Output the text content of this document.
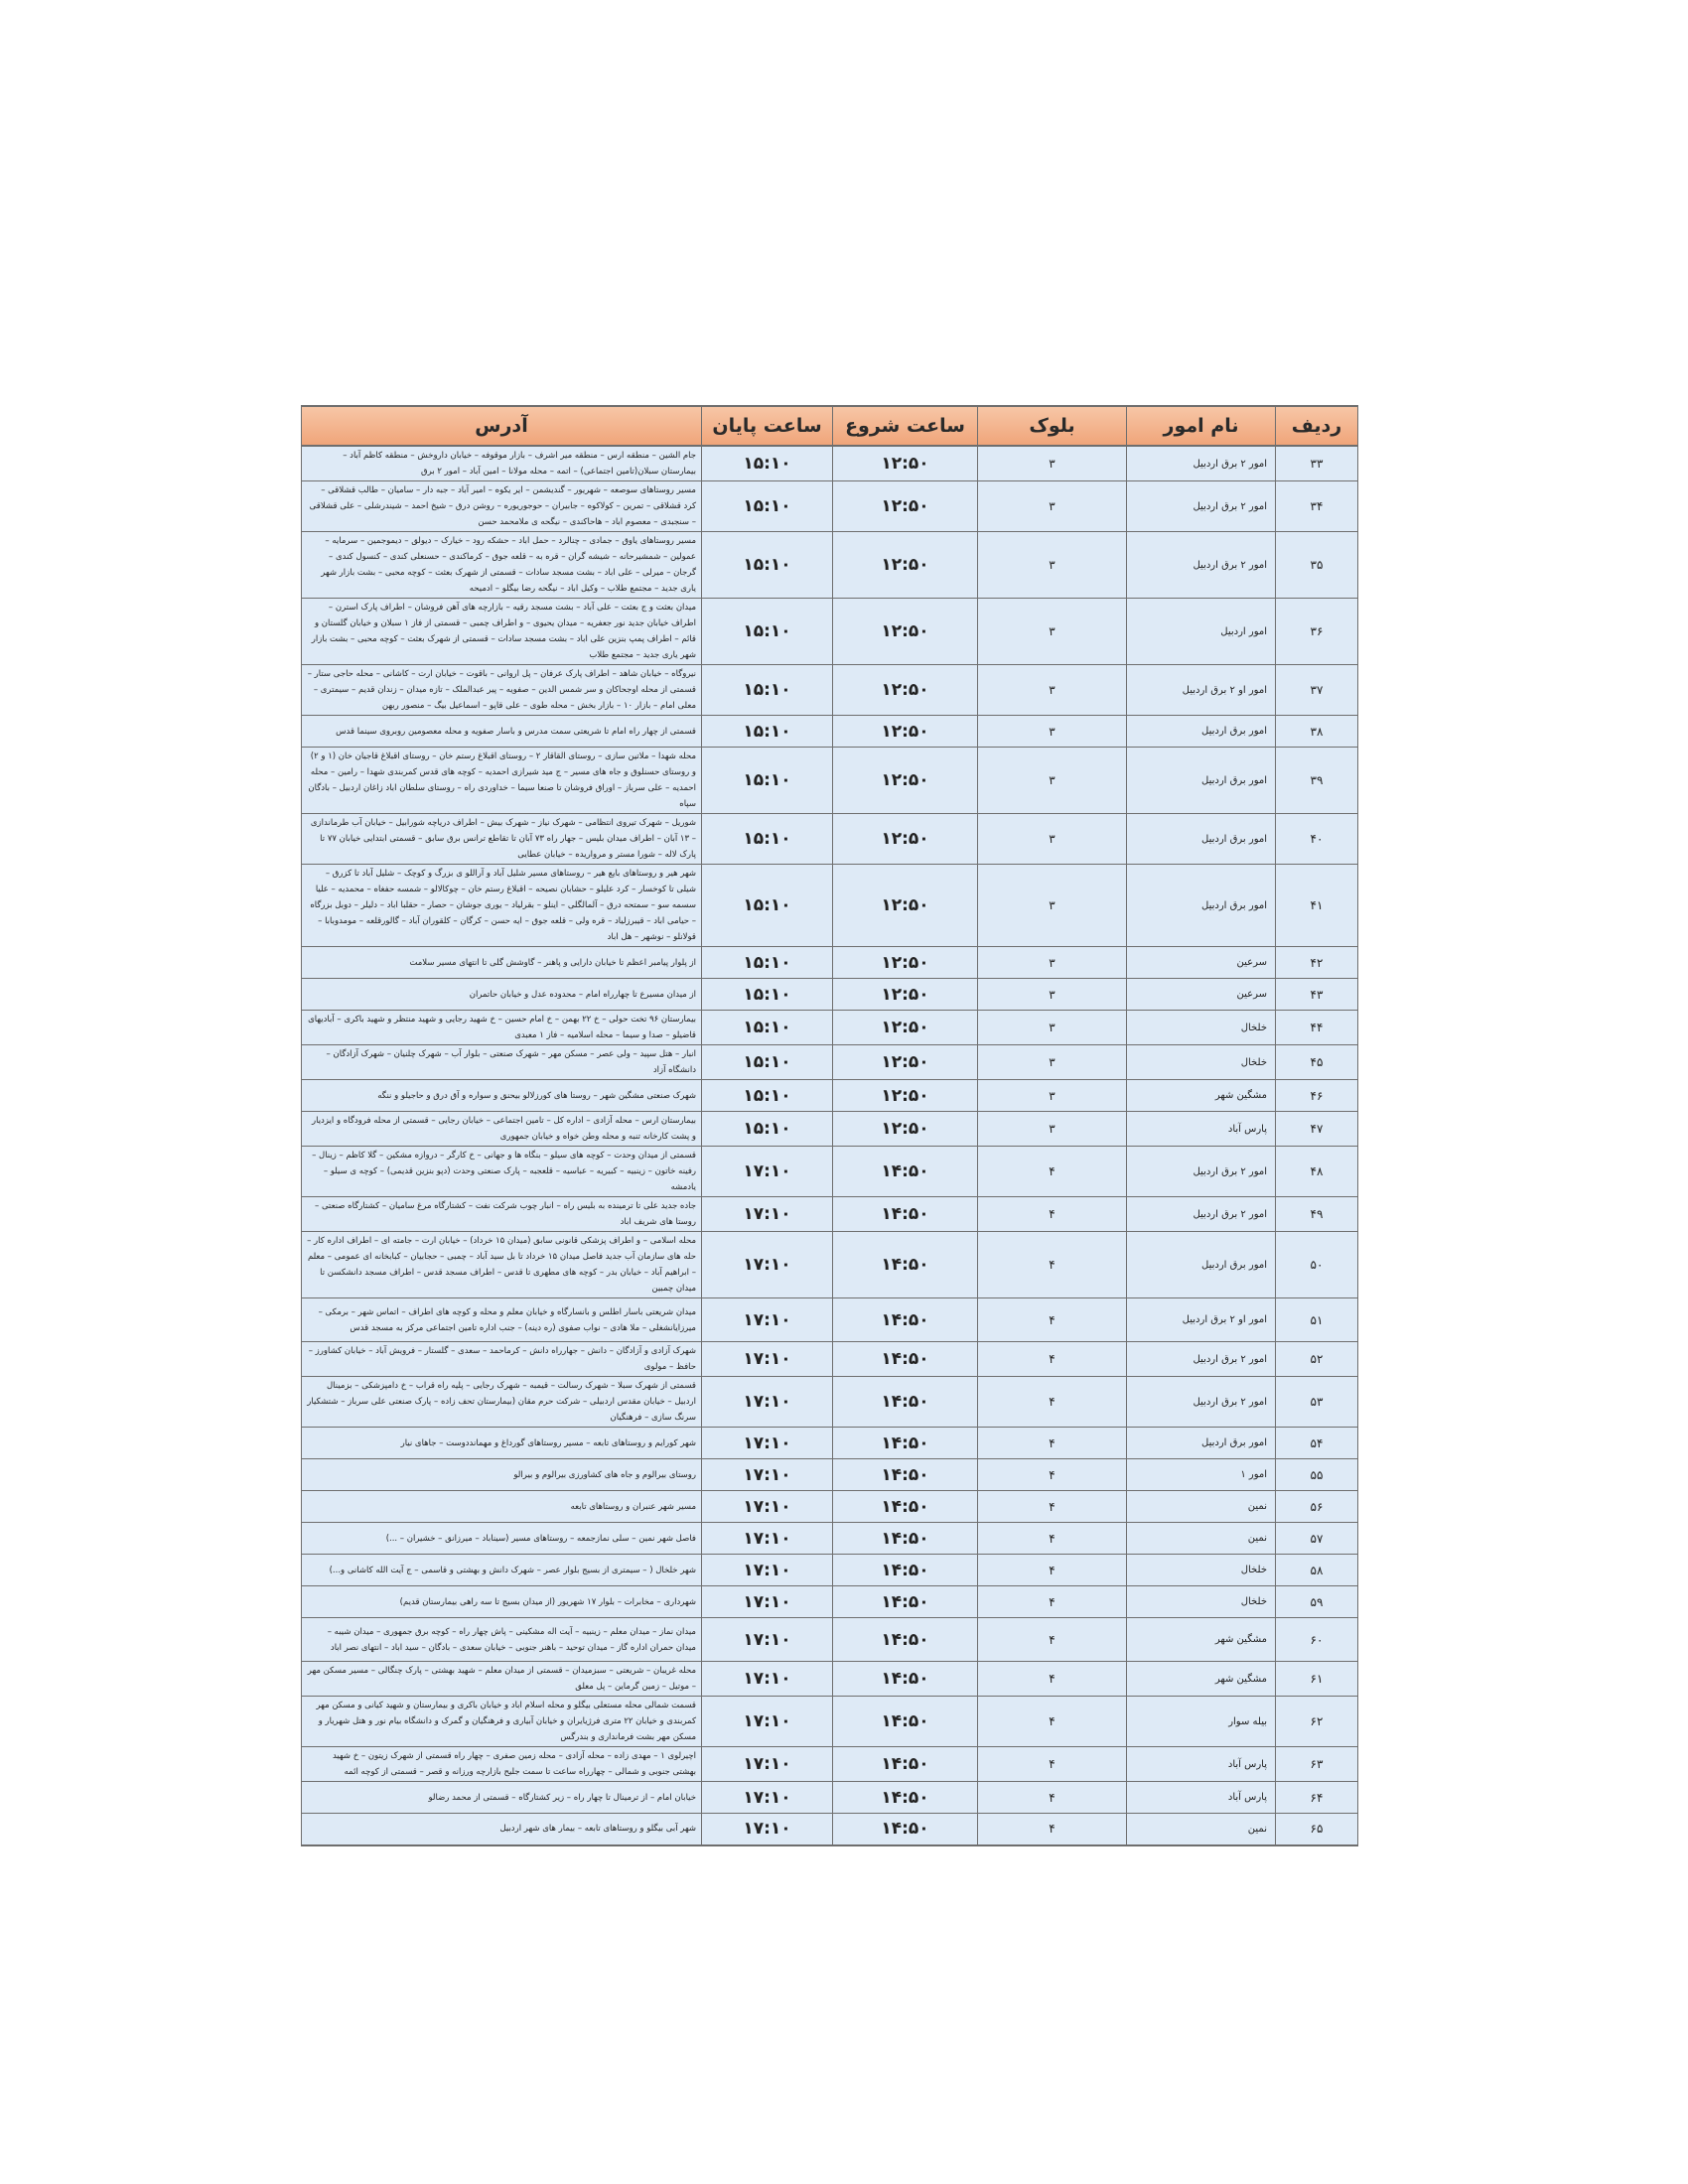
ردیف	نام امور	بلوک	ساعت شروع	ساعت پایان	آدرس
۳۳	امور ۲ برق اردبیل	۳	۱۲:۵۰	۱۵:۱۰	جام الشین – منطقه ارس – منطقه میر اشرف – بازار موقوفه – خیابان داروخش – منطقه کاظم آباد – بیمارستان سبلان(تامین اجتماعی) – اتمه – محله مولانا – امین آباد – امور ۲ برق
۳۴	امور ۲ برق اردبیل	۳	۱۲:۵۰	۱۵:۱۰	مسیر روستاهای سوصعه – شهریور – گندیشمن – ایر یکوه – امیر آباد – جبه دار – سامیان – طالب قشلاقی – کرد قشلاقی – تمرین – کولاکوه – جابیران – حوجوریوره – روشن درق – شیخ احمد – شیندرشلی – علی قشلاقی – سنجبدی – معصوم اباد – هاحاکندی – نیگحه ی ملامحمد حسن
۳۵	امور ۲ برق اردبیل	۳	۱۲:۵۰	۱۵:۱۰	مسیر روستاهای یاوق – جمادی – چنالرد – حمل اباد – حشکه رود – خیارک – دیولق – دیموجمین – سرمایه – عمولین – شمشیرحانه – شیشه گران – قره به – قلعه جوق – کرماکندی – حسنعلی کندی – کنسول کندی – گرجان – میرلی – علی اباد – بشت مسجد سادات – قسمتی از شهرک بعثت – کوچه محبی – بشت بازار شهر یاری جدید – مجتمع طلاب – وکیل اباد – نیگحه رضا بیگلو – ادمیحه
۳۶	امور اردبیل	۳	۱۲:۵۰	۱۵:۱۰	میدان بعثت و ج بعثت – علی آباد – بشت مسجد رقیه – بازارچه های آهن فروشان – اطراف پارک استرن – اطراف خیابان جدید نور جعفریه – میدان یحیوی – و اطراف چمبی – قسمتی از فاز ۱ سبلان و خیابان گلستان و قائم – اطراف پمپ بنزین علی اباد – بشت مسجد سادات – قسمتی از شهرک بعثت – کوچه محبی – بشت بازار شهر یاری جدید – مجتمع طلاب
۳۷	امور او ۲ برق اردبیل	۳	۱۲:۵۰	۱۵:۱۰	نیروگاه – خیابان شاهد – اطراف پارک عرفان – پل اروانی – باقوت – خیابان ارت – کاشانی – محله حاجی ستار – قسمتی از محله اوجحاکان و سر شمس الدین – صفویه – پیر عبدالملک – تازه میدان – زندان قدیم – سیمتری – معلی امام – بازار ۱۰ – بازار بخش – محله طوی – علی قاپو – اسماعیل بیگ – منصور ربهن
۳۸	امور برق اردبیل	۳	۱۲:۵۰	۱۵:۱۰	قسمتی از چهار راه امام تا شریعتی سمت مدرس و باسار صفویه و محله معصومین روبروی سینما قدس
۳۹	امور برق اردبیل	۳	۱۲:۵۰	۱۵:۱۰	محله شهدا – ملاتین سازی – روستای القاقار ۲ – روستای اقبلاغ رستم خان – روستای اقبلاغ قاجیان خان (۱ و ۲) و روستای حسنلوق و جاه های مسیر – ج مید شیرازی احمدیه – کوچه های قدس کمربندی شهدا – رامین – محله احمدیه – علی سرباز – اوراق فروشان تا صنعا سیما – خداوردی راه – روستای سلطان اباد زاغان اردبیل – بادگان سپاه
۴۰	امور برق اردبیل	۳	۱۲:۵۰	۱۵:۱۰	شوریل – شهرک تیروی انتظامی – شهرک نیاز – شهرک بیش – اطراف دریاچه شورابیل – خیابان آب طرماندازی – ۱۳ آبان – اطراف میدان بلیس – جهار راه ۷۳ آبان تا تقاطع ترانس برق سابق – قسمتی ابتدایی خیابان ۷۷ تا پارک لاله – شورا مستر و مرواریده – خیابان عطایی
۴۱	امور برق اردبیل	۳	۱۲:۵۰	۱۵:۱۰	شهر هیر و روستاهای بایع هیر – روستاهای مسیر شلیل آباد و آراللو ی بزرگ و کوچک – شلیل آباد تا کزرق – شیلی تا کوخسار – کرد علیلو – حشابان نصیحه – اقبلاغ رستم خان – چوکالالو – شمسه حفغاه – محمدیه – علیا سسمه سو – سمتحه درق – آلمالگلی – اینلو – بقرلیاد – یوری جوشان – حصار – حقلبا اباد – دلیلر – دوبل بزرگاه – حیامی اباد – قیبرزلیاد – قره ولی – قلعه جوق – ایه حسن – کرگان – کلقوران آباد – گالورقلعه – مومدوبابا – قولانلو – نوشهر – هل اباد
۴۲	سرعین	۳	۱۲:۵۰	۱۵:۱۰	از پلوار پیامبر اعظم تا خیابان دارایی و پاهنر – گاوشش گلی تا انتهای مسیر سلامت
۴۳	سرعین	۳	۱۲:۵۰	۱۵:۱۰	از میدان مسیرع تا چهارراه امام – محدوده عدل و خیابان حاتمران
۴۴	خلخال	۳	۱۲:۵۰	۱۵:۱۰	بیمارستان ۹۶ تخت حولی – خ ۲۲ بهمن – خ امام حسین – خ شهید رجایی و شهید منتظر و شهید باکری – آبادیهای قاضیلو – صدا و سیما – محله اسلامیه – فاز ۱ معبدی
۴۵	خلخال	۳	۱۲:۵۰	۱۵:۱۰	انبار – هتل سپید – ولی عصر – مسکن مهر – شهرک صنعتی – بلوار آب – شهرک چلنیان – شهرک آزادگان – دانشگاه آزاد
۴۶	مشگین شهر	۳	۱۲:۵۰	۱۵:۱۰	شهرک صنعتی مشگین شهر – روستا های کورزلالو بیحنق و سواره و آق درق و حاجیلو و ننگه
۴۷	پارس آباد	۳	۱۲:۵۰	۱۵:۱۰	بیمارستان ارس – محله آزادی – اداره کل – تامین اجتماعی – خیابان رجایی – قسمتی از محله فرودگاه و ایزدیار و پشت کارخانه تنبه و محله وطن خواه و خیابان جمهوری
۴۸	امور ۲ برق اردبیل	۴	۱۴:۵۰	۱۷:۱۰	قسمتی از میدان وحدت – کوچه های سیلو – بنگاه ها و جهانی – خ کارگر – دروازه مشکین – گلا کاظم – زینال – رفینه خاتون – زینبیه – کبیریه – عباسیه – قلعجبه – پارک صنعتی وحدت (دپو بنزین قدیمی) – کوچه ی سیلو – یادمشه
۴۹	امور ۲ برق اردبیل	۴	۱۴:۵۰	۱۷:۱۰	جاده جدید علی تا ترمینده به بلیس راه – انبار چوب شرکت نفت – کشتارگاه مرغ ساميان – کشتارگاه صنعتی – روستا های شریف اباد
۵۰	امور برق اردبیل	۴	۱۴:۵۰	۱۷:۱۰	محله اسلامی – و اطراف پزشکی قانونی سابق (میدان ۱۵ خرداد) – خیابان ارت – جامته ای – اطراف اداره کار – حله های سازمان آب جدید فاصل میدان ۱۵ خرداد تا بل سید آباد – چمبی – حجابیان – کبابخانه ای عمومی – معلم – ابراهیم آباد – خیابان بدر – کوچه های مطهری تا قدس – اطراف مسجد قدس – اطراف مسجد دانشکسن تا میدان چمبین
۵۱	امور او ۲ برق اردبیل	۴	۱۴:۵۰	۱۷:۱۰	میدان شریعتی باسار اطلس و بانسارگاه و خیابان معلم و محله و کوچه های اطراف – اتماس شهر – برمکی – میرزایانشغلی – ملا هادی – نواب صفوی (ره دینه) – جنب اداره تامین اجتماعی مرکز به مسجد قدس
۵۲	امور ۲ برق اردبیل	۴	۱۴:۵۰	۱۷:۱۰	شهرک آزادی و آزادگان – دانش – جهارراه دانش – کرماحمد – سعدی – گلستار – فرویش آباد – خیابان کشاورز – حافظ – مولوی
۵۳	امور ۲ برق اردبیل	۴	۱۴:۵۰	۱۷:۱۰	قسمتی از شهرک سبلا – شهرک رسالت – قیمبه – شهرک رجایی – پلیه راه قراب – خ دامپزشکی – بزمینال اردبیل – خیابان مقدس اردبیلی – شرکت حرم مقان (بیمارستان تحف زاده – پارک صنعتی علی سرباز – شتشکیار سرنگ سازی – فرهنگیان
۵۴	امور برق اردبیل	۴	۱۴:۵۰	۱۷:۱۰	شهر کورایم و روستاهای تابعه – مسیر روستاهای گورداغ و مهمانددوست – جاهای نیار
۵۵	امور ۱	۴	۱۴:۵۰	۱۷:۱۰	روستای بیرالوم و جاه های کشاورزی بیرالوم و بیرالو
۵۶	نمین	۴	۱۴:۵۰	۱۷:۱۰	مسیر شهر عنبران و روستاهای تابعه
۵۷	نمین	۴	۱۴:۵۰	۱۷:۱۰	فاصل شهر نمین – سلی نمازجمعه – روستاهای مسیر (سیناباد – میرزانق – خشیران – ...)
۵۸	خلخال	۴	۱۴:۵۰	۱۷:۱۰	شهر خلخال ( – سیمتری از بسیج بلوار عصر – شهرک دانش و بهشتی و قاسمی – ج آیت الله کاشانی و...)
۵۹	خلخال	۴	۱۴:۵۰	۱۷:۱۰	شهرداری – مخابرات – بلوار ۱۷ شهریور (از میدان بسیج تا سه راهی بیمارستان قدیم)
۶۰	مشگین شهر	۴	۱۴:۵۰	۱۷:۱۰	میدان نماز – میدان معلم – زینبیه – آیت اله مشکینی – پاش چهار راه – کوچه برق جمهوری – میدان شیبه – میدان حمران اداره گاز – میدان توحید – باهنر جنوبی – خیابان سعدی – بادگان – سید اباد – انتهای نصر اباد
۶۱	مشگین شهر	۴	۱۴:۵۰	۱۷:۱۰	محله غریبان – شریعتی – سبزمیدان – قسمتی از میدان معلم – شهید بهشتی – پارک چنگالی – مسیر مسکن مهر – موتیل – زمین گرماین – پل معلق
۶۲	بیله سوار	۴	۱۴:۵۰	۱۷:۱۰	قسمت شمالی محله مستعلی بیگلو و محله اسلام اباد و خیابان باکری و بیمارستان و شهید کیانی و مسکن مهر کمربندی و خیابان ۲۲ متری فرژیایران و خیابان آبیاری و فرهنگیان و گمرک و دانشگاه بیام نور و هتل شهریار و مسکن مهر بشت فرمانداری و بندرگس
۶۳	پارس آباد	۴	۱۴:۵۰	۱۷:۱۰	اچیرلوی ۱ – مهدی زاده – محله آزادی – محله زمین صفری – چهار راه قسمتی از شهرک زیتون – خ شهید بهشتی جنوبی و شمالی – چهارراه ساعت تا سمت جلیح بازارچه ورزانه و قصر – قسمتی از کوچه ائمه
۶۴	پارس آباد	۴	۱۴:۵۰	۱۷:۱۰	خیابان امام – از ترمینال تا چهار راه – زیر کشتارگاه – قسمتی از محمد رضالو
۶۵	نمین	۴	۱۴:۵۰	۱۷:۱۰	شهر آبی بیگلو و روستاهای تابعه – بیمار های شهر اردبیل
